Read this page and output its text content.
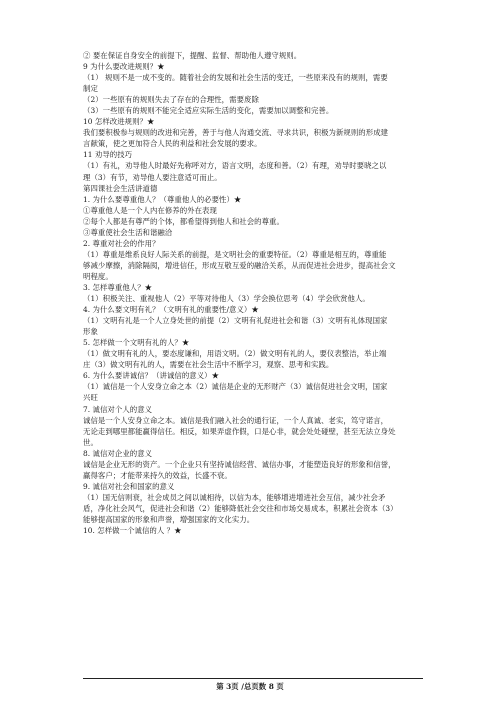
② 要在保证自身安全的前提下，提醒、监督、帮助他人遵守规则。
9 为什么要改进规则？★
（1） 规则不是一成不变的。随着社会的发展和社会生活的变迁，一些原来没有的规则，需要
制定
（2）一些原有的规则失去了存在的合理性，需要废除
（3）一些原有的规则不能完全适应实际生活的变化，需要加以调整和完善。
10 怎样改进规则？★
我们要积极参与规则的改进和完善，善于与他人沟通交流、寻求共识，积极为新规则的形成建
言献策，使之更加符合人民的利益和社会发展的要求。
11 劝导的技巧
（1）有礼，劝导他人时最好先称呼对方，语言文明，态度和善。（2）有理，劝导时要晓之以
理（3）有节，劝导他人要注意适可而止。
第四课社会生活讲道德
1. 为什么要尊重他人？（尊重他人的必要性）★
①尊重他人是一个人内在修养的外在表现
②每个人都是有尊严的个体，都希望得到他人和社会的尊重。
③尊重使社会生活和谐融洽
2. 尊重对社会的作用？
（1）尊重是维系良好人际关系的前提，是文明社会的重要特征。（2）尊重是相互的，尊重能
够减少摩擦，消除隔阂，增进信任，形成互敬互爱的融洽关系，从而促进社会进步，提高社会文
明程度。
3. 怎样尊重他人？★
（1）积极关注、重视他人（2）平等对待他人（3）学会换位思考（4）学会欣赏他人。
4. 为什么要文明有礼？（文明有礼的重要性/意义）★
（1）文明有礼是一个人立身处世的前提（2）文明有礼促进社会和谐（3）文明有礼体现国家
形象
5. 怎样做一个文明有礼的人？★
（1）做文明有礼的人，要态度谦和，用语文明。（2）做文明有礼的人，要仪表整洁，举止端
庄（3）做文明有礼的人，需要在社会生活中不断学习，观察、思考和实践。
6. 为什么要讲诚信？（讲诚信的意义）★
（1）诚信是一个人安身立命之本（2）诚信是企业的无形财产（3）诚信促进社会文明，国家
兴旺
7. 诚信对个人的意义
诚信是一个人安身立命之本。诚信是我们融入社会的通行证，一个人真诚、老实，笃守诺言，
无论走到哪里都能赢得信任。相反，如果弄虚作假，口是心非，就会处处碰壁，甚至无法立身处
世。
8. 诚信对企业的意义
诚信是企业无形的资产。一个企业只有坚持诚信经营、诚信办事，才能塑造良好的形象和信誉，
赢得客户；才能带来持久的效益，长盛不衰。
9. 诚信对社会和国家的意义
（1）国无信则衰，社会成员之间以诚相待，以信为本，能够增进增进社会互信，减少社会矛
盾，净化社会风气，促进社会和谐（2）能够降低社会交往和市场交易成本，积累社会资本（3）
能够提高国家的形象和声誉，增强国家的文化实力。
10. 怎样做一个诚信的人 ？★
第 3页 /总页数 8 页
